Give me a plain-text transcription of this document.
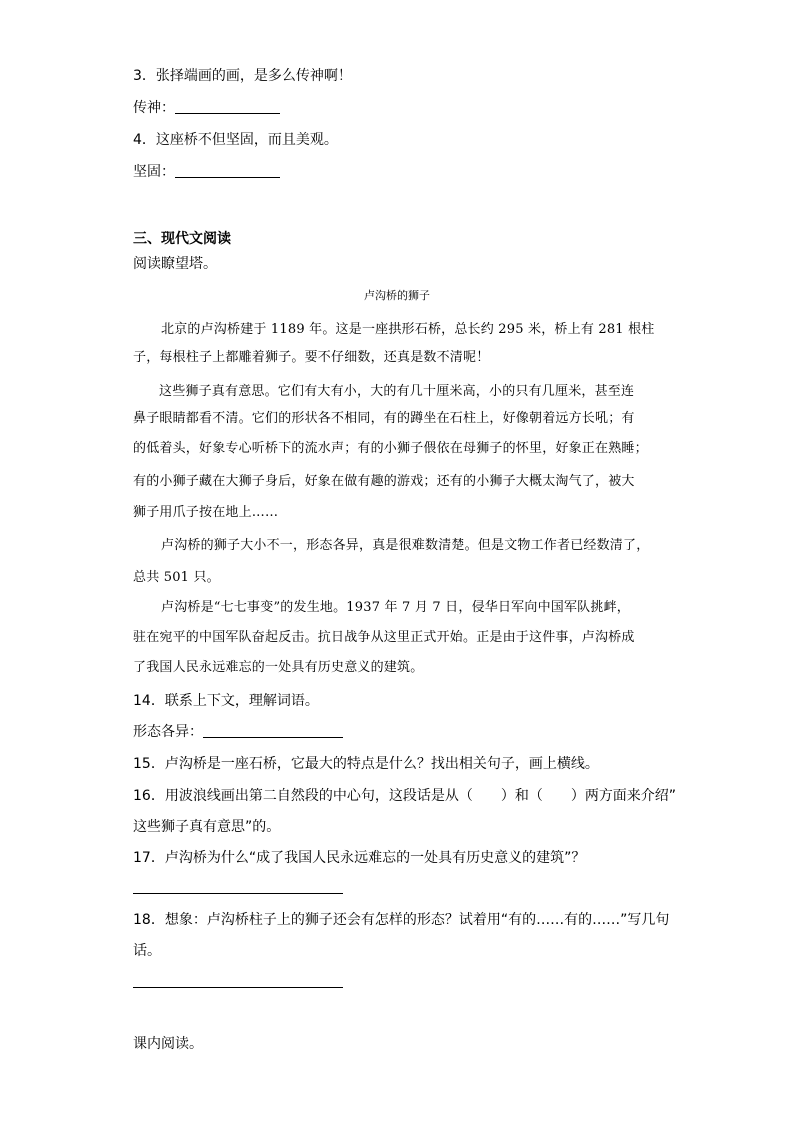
3．张择端画的画，是多么传神啊！
传神：
4．这座桥不但坚固，而且美观。
坚固：
三、现代文阅读
阅读瞭望塔。
卢沟桥的狮子
北京的卢沟桥建于 1189 年。这是一座拱形石桥，总长约 295 米，桥上有 281 根柱
子，每根柱子上都雕着狮子。要不仔细数，还真是数不清呢！
这些狮子真有意思。它们有大有小，大的有几十厘米高，小的只有几厘米，甚至连
鼻子眼睛都看不清。它们的形状各不相同，有的蹲坐在石柱上，好像朝着远方长吼；有
的低着头，好象专心听桥下的流水声；有的小狮子偎依在母狮子的怀里，好象正在熟睡；
有的小狮子藏在大狮子身后，好象在做有趣的游戏；还有的小狮子大概太淘气了，被大
狮子用爪子按在地上……
卢沟桥的狮子大小不一，形态各异，真是很难数清楚。但是文物工作者已经数清了，
总共 501 只。
卢沟桥是“七七事变”的发生地。1937 年 7 月 7 日，侵华日军向中国军队挑衅，
驻在宛平的中国军队奋起反击。抗日战争从这里正式开始。正是由于这件事，卢沟桥成
了我国人民永远难忘的一处具有历史意义的建筑。
14．联系上下文，理解词语。
形态各异：
15．卢沟桥是一座石桥，它最大的特点是什么？找出相关句子，画上横线。
16．用波浪线画出第二自然段的中心句，这段话是从（　　）和（　　）两方面来介绍”
这些狮子真有意思”的。
17．卢沟桥为什么“成了我国人民永远难忘的一处具有历史意义的建筑”？
18．想象：卢沟桥柱子上的狮子还会有怎样的形态？试着用“有的……有的……”写几句
话。
课内阅读。
